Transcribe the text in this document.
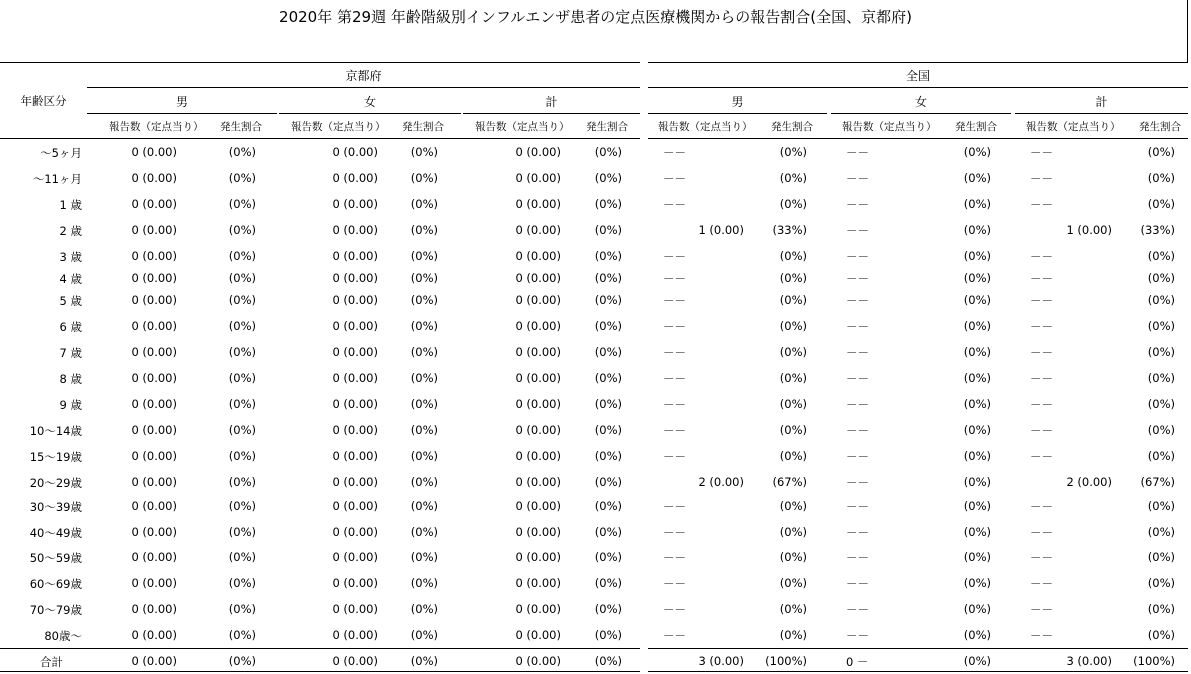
2020年 第29週 年齢階級別インフルエンザ患者の定点医療機関からの報告割合(全国、京都府)
年齢区分
京都府	全国
男
報告数（定点当り）	発生割合
女
報告数（定点当り）	発生割合
計
報告数（定点当り）	発生割合
男
報告数（定点当り）	発生割合
女
報告数（定点当り）	発生割合
計
報告数（定点当り）	発生割合
～5ヶ月	0 (0.00)	(0%)	0 (0.00)	(0%)	0 (0.00)	(0%)	－－	(0%)	－－	(0%)	－－	(0%)
～11ヶ月	0 (0.00)	(0%)	0 (0.00)	(0%)	0 (0.00)	(0%)	－－	(0%)	－－	(0%)	－－	(0%)
1 歳	0 (0.00)	(0%)	0 (0.00)	(0%)	0 (0.00)	(0%)	－－	(0%)	－－	(0%)	－－	(0%)
2 歳	0 (0.00)	(0%)	0 (0.00)	(0%)	0 (0.00)	(0%)	1 (0.00)	(33%)	－－	(0%)	1 (0.00)	(33%)
3 歳	0 (0.00)	(0%)	0 (0.00)	(0%)	0 (0.00)	(0%)	－－	(0%)	－－	(0%)	－－	(0%)
4 歳	0 (0.00)	(0%)	0 (0.00)	(0%)	0 (0.00)	(0%)	－－	(0%)	－－	(0%)	－－	(0%)
5 歳	0 (0.00)	(0%)	0 (0.00)	(0%)	0 (0.00)	(0%)	－－	(0%)	－－	(0%)	－－	(0%)
6 歳	0 (0.00)	(0%)	0 (0.00)	(0%)	0 (0.00)	(0%)	－－	(0%)	－－	(0%)	－－	(0%)
7 歳	0 (0.00)	(0%)	0 (0.00)	(0%)	0 (0.00)	(0%)	－－	(0%)	－－	(0%)	－－	(0%)
8 歳	0 (0.00)	(0%)	0 (0.00)	(0%)	0 (0.00)	(0%)	－－	(0%)	－－	(0%)	－－	(0%)
9 歳	0 (0.00)	(0%)	0 (0.00)	(0%)	0 (0.00)	(0%)	－－	(0%)	－－	(0%)	－－	(0%)
10～14歳	0 (0.00)	(0%)	0 (0.00)	(0%)	0 (0.00)	(0%)	－－	(0%)	－－	(0%)	－－	(0%)
15～19歳	0 (0.00)	(0%)	0 (0.00)	(0%)	0 (0.00)	(0%)	－－	(0%)	－－	(0%)	－－	(0%)
20～29歳	0 (0.00)	(0%)	0 (0.00)	(0%)	0 (0.00)	(0%)	2 (0.00)	(67%)	－－	(0%)	2 (0.00)	(67%)
30～39歳	0 (0.00)	(0%)	0 (0.00)	(0%)	0 (0.00)	(0%)	－－	(0%)	－－	(0%)	－－	(0%)
40～49歳	0 (0.00)	(0%)	0 (0.00)	(0%)	0 (0.00)	(0%)	－－	(0%)	－－	(0%)	－－	(0%)
50～59歳	0 (0.00)	(0%)	0 (0.00)	(0%)	0 (0.00)	(0%)	－－	(0%)	－－	(0%)	－－	(0%)
60～69歳	0 (0.00)	(0%)	0 (0.00)	(0%)	0 (0.00)	(0%)	－－	(0%)	－－	(0%)	－－	(0%)
70～79歳	0 (0.00)	(0%)	0 (0.00)	(0%)	0 (0.00)	(0%)	－－	(0%)	－－	(0%)	－－	(0%)
80歳～	0 (0.00)	(0%)	0 (0.00)	(0%)	0 (0.00)	(0%)	－－	(0%)	－－	(0%)	－－	(0%)
合計	0 (0.00)	(0%)	0 (0.00)	(0%)	0 (0.00)	(0%)	3 (0.00)	(100%)	0 －	(0%)	3 (0.00)	(100%)
